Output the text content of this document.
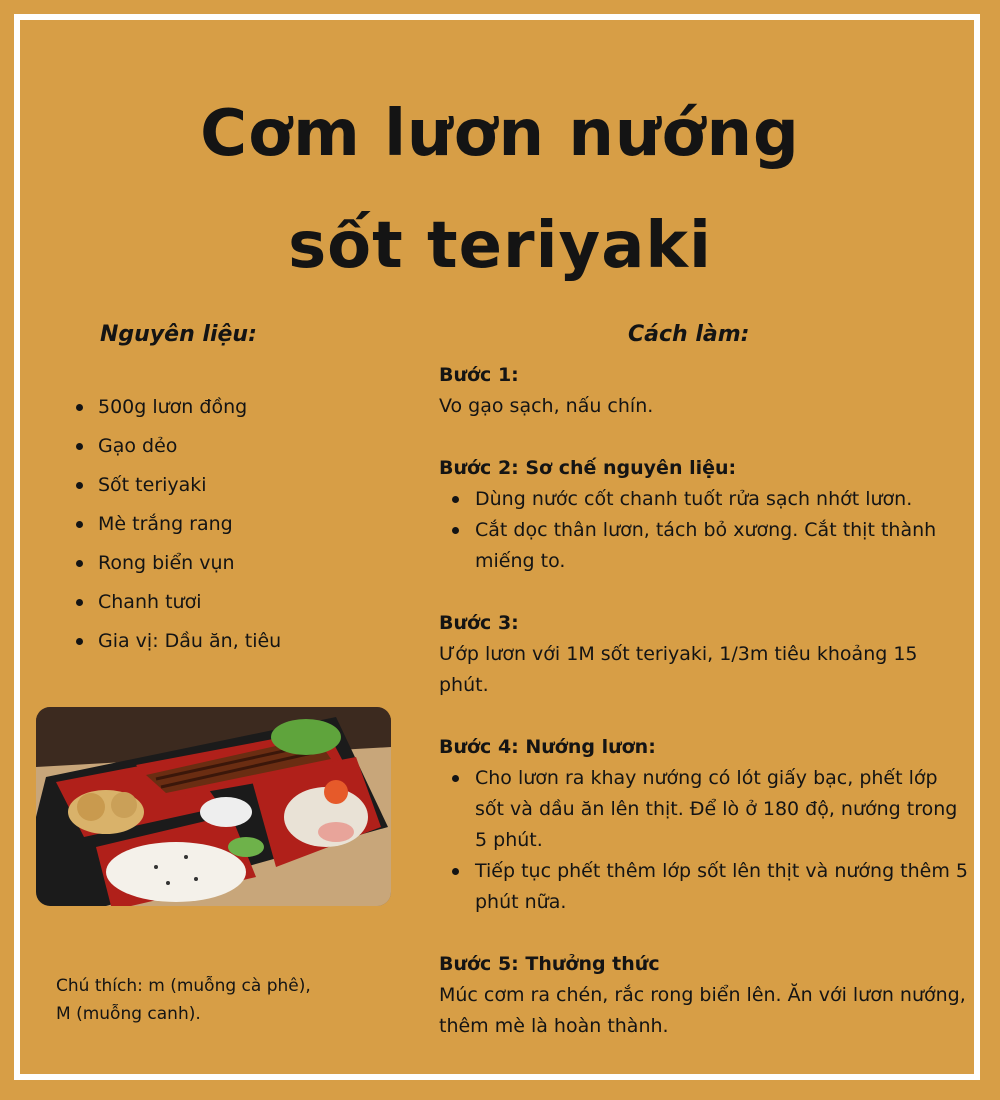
Cơm lươn nướng
sốt teriyaki
Nguyên liệu:	Cách làm:
500g lươn đồng
Gạo dẻo
Sốt teriyaki
Mè trắng rang
Rong biển vụn
Chanh tươi
Gia vị: Dầu ăn, tiêu
Chú thích: m (muỗng cà phê),
M (muỗng canh).
Bước 1:
Vo gạo sạch, nấu chín.
Bước 2: Sơ chế nguyên liệu:
Dùng nước cốt chanh tuốt rửa sạch nhớt lươn.
Cắt dọc thân lươn, tách bỏ xương. Cắt thịt thành miếng to.
Bước 3:
Ướp lươn với 1M sốt teriyaki, 1/3m tiêu khoảng 15 phút.
Bước 4: Nướng lươn:
Cho lươn ra khay nướng có lót giấy bạc, phết lớp sốt và dầu ăn lên thịt. Để lò ở 180 độ, nướng trong 5 phút.
Tiếp tục phết thêm lớp sốt lên thịt và nướng thêm 5 phút nữa.
Bước 5: Thưởng thức
Múc cơm ra chén, rắc rong biển lên. Ăn với lươn nướng, thêm mè là hoàn thành.
